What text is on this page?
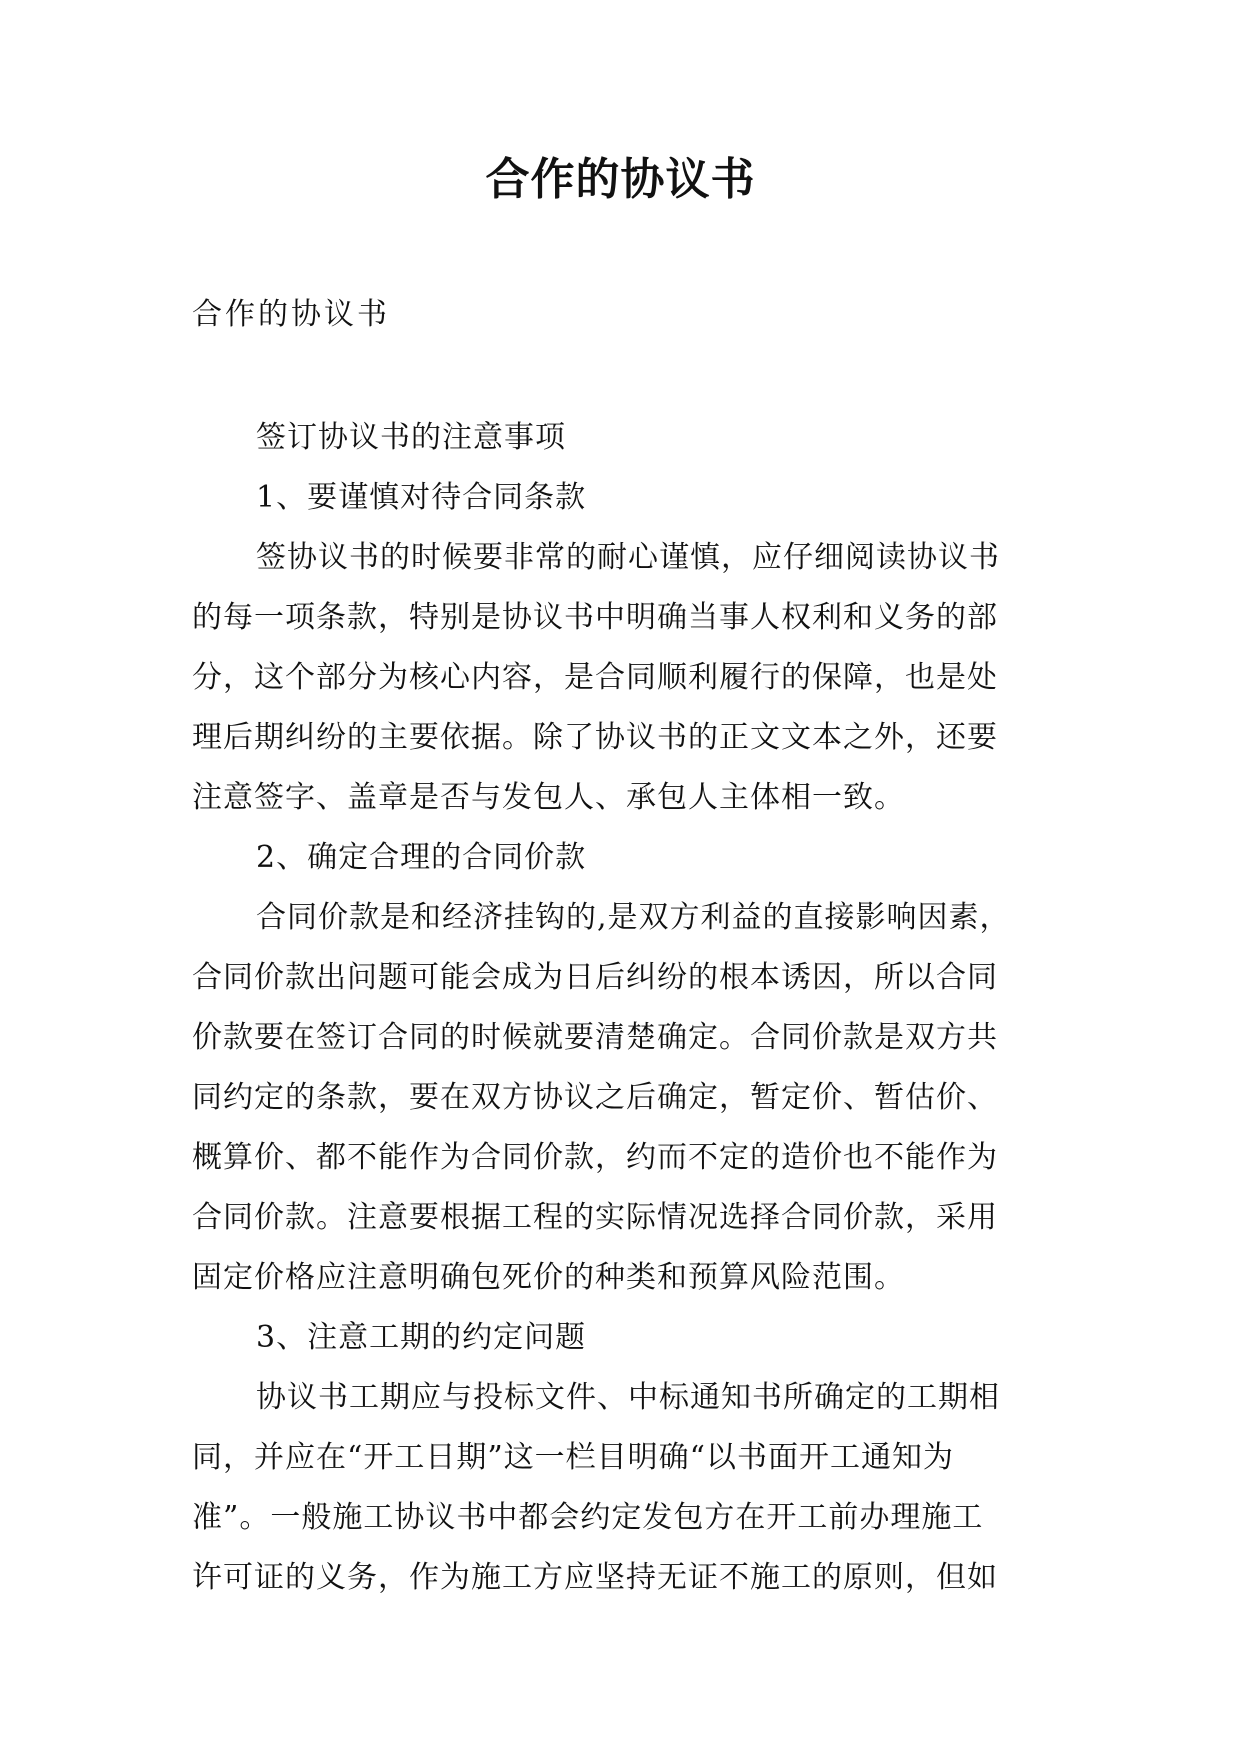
合作的协议书

合作的协议书

签订协议书的注意事项

1、要谨慎对待合同条款

签协议书的时候要非常的耐心谨慎，应仔细阅读协议书

的每一项条款，特别是协议书中明确当事人权利和义务的部

分，这个部分为核心内容，是合同顺利履行的保障，也是处

理后期纠纷的主要依据。除了协议书的正文文本之外，还要

注意签字、盖章是否与发包人、承包人主体相一致。

2、确定合理的合同价款

合同价款是和经济挂钩的,是双方利益的直接影响因素，

合同价款出问题可能会成为日后纠纷的根本诱因，所以合同

价款要在签订合同的时候就要清楚确定。合同价款是双方共

同约定的条款，要在双方协议之后确定，暂定价、暂估价、

概算价、都不能作为合同价款，约而不定的造价也不能作为

合同价款。注意要根据工程的实际情况选择合同价款，采用

固定价格应注意明确包死价的种类和预算风险范围。

3、注意工期的约定问题

协议书工期应与投标文件、中标通知书所确定的工期相

同，并应在“开工日期”这一栏目明确“以书面开工通知为

准”。一般施工协议书中都会约定发包方在开工前办理施工

许可证的义务，作为施工方应坚持无证不施工的原则，但如
